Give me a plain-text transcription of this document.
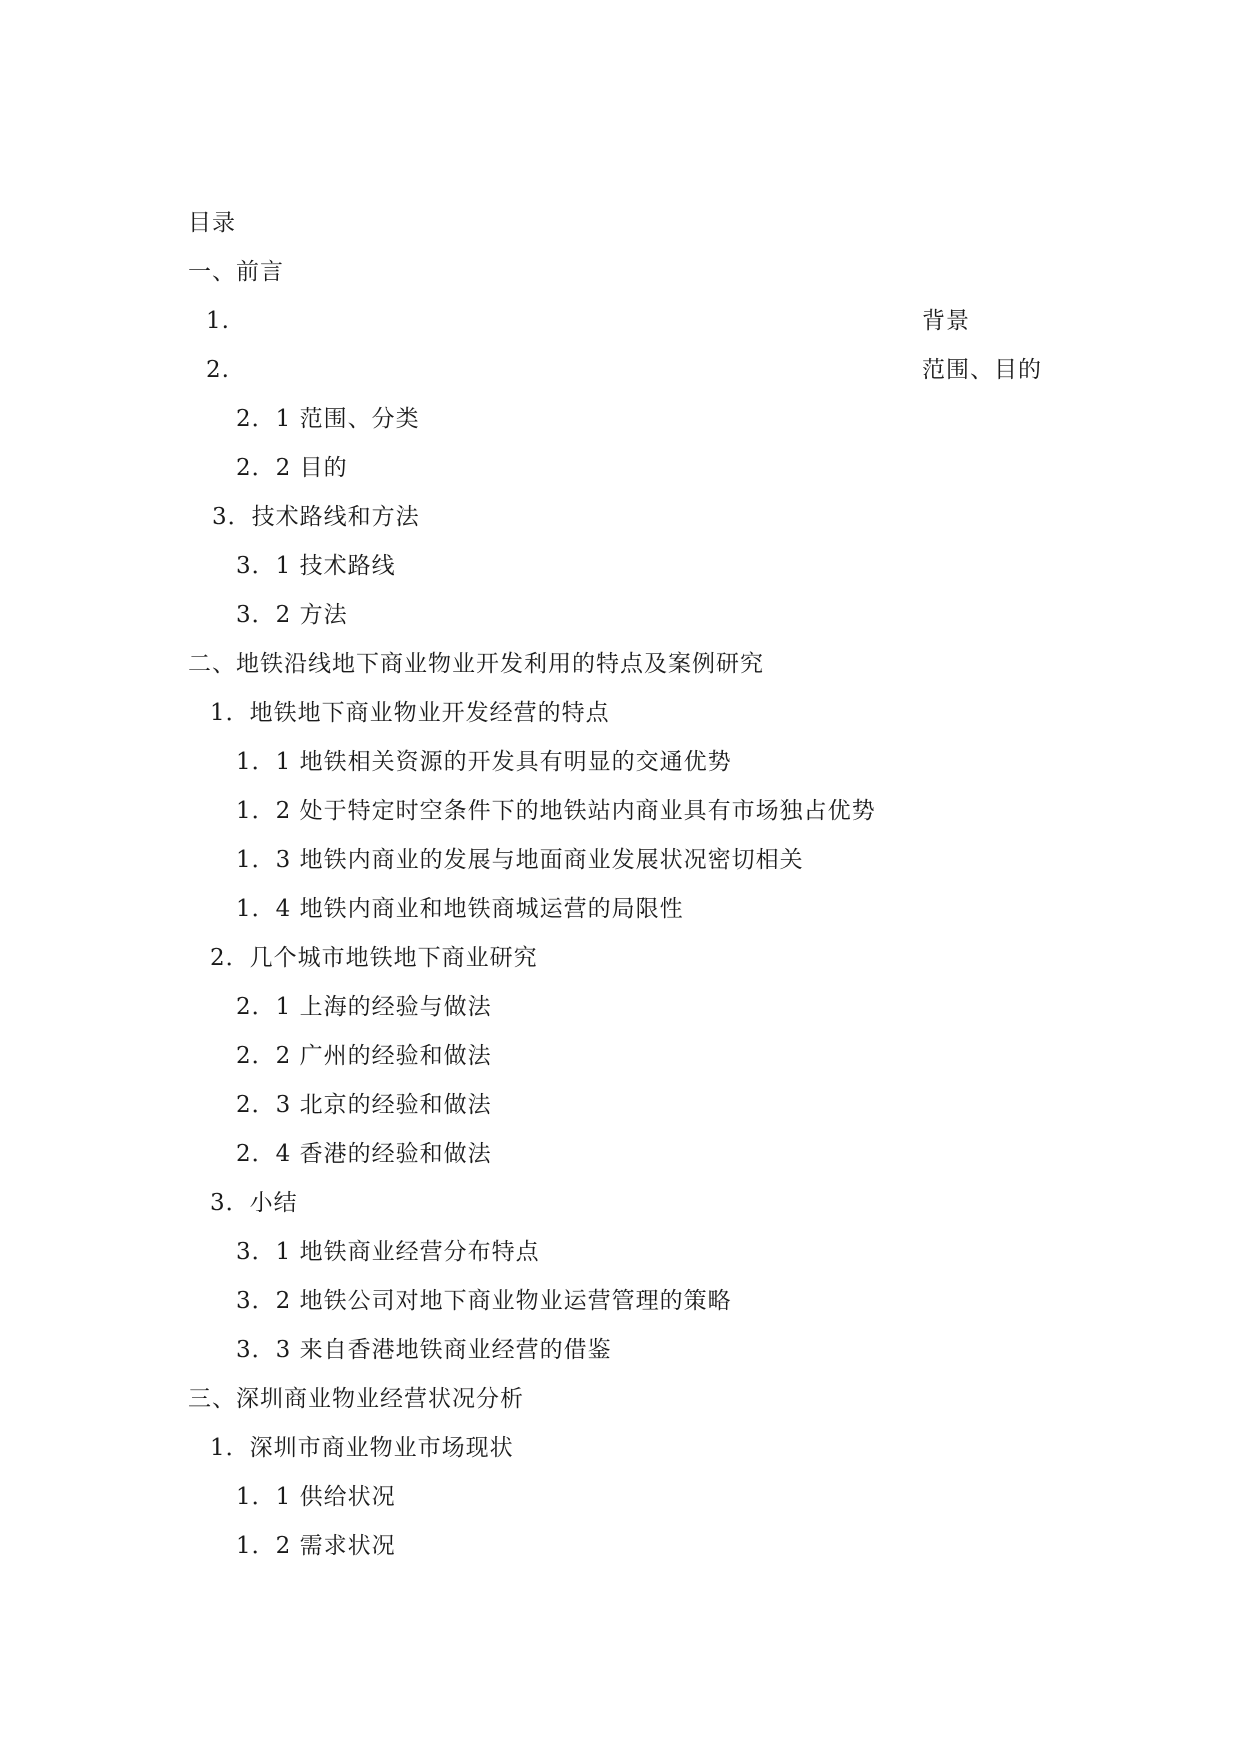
目录
一、前言
1.	背景
2.	范围、目的
2．1 范围、分类
2．2 目的
3．技术路线和方法
3．1 技术路线
3．2 方法
二、地铁沿线地下商业物业开发利用的特点及案例研究
1．地铁地下商业物业开发经营的特点
1．1 地铁相关资源的开发具有明显的交通优势
1．2 处于特定时空条件下的地铁站内商业具有市场独占优势
1．3 地铁内商业的发展与地面商业发展状况密切相关
1．4 地铁内商业和地铁商城运营的局限性
2．几个城市地铁地下商业研究
2．1 上海的经验与做法
2．2 广州的经验和做法
2．3 北京的经验和做法
2．4 香港的经验和做法
3．小结
3．1 地铁商业经营分布特点
3．2 地铁公司对地下商业物业运营管理的策略
3．3 来自香港地铁商业经营的借鉴
三、深圳商业物业经营状况分析
1．深圳市商业物业市场现状
1．1 供给状况
1．2 需求状况
